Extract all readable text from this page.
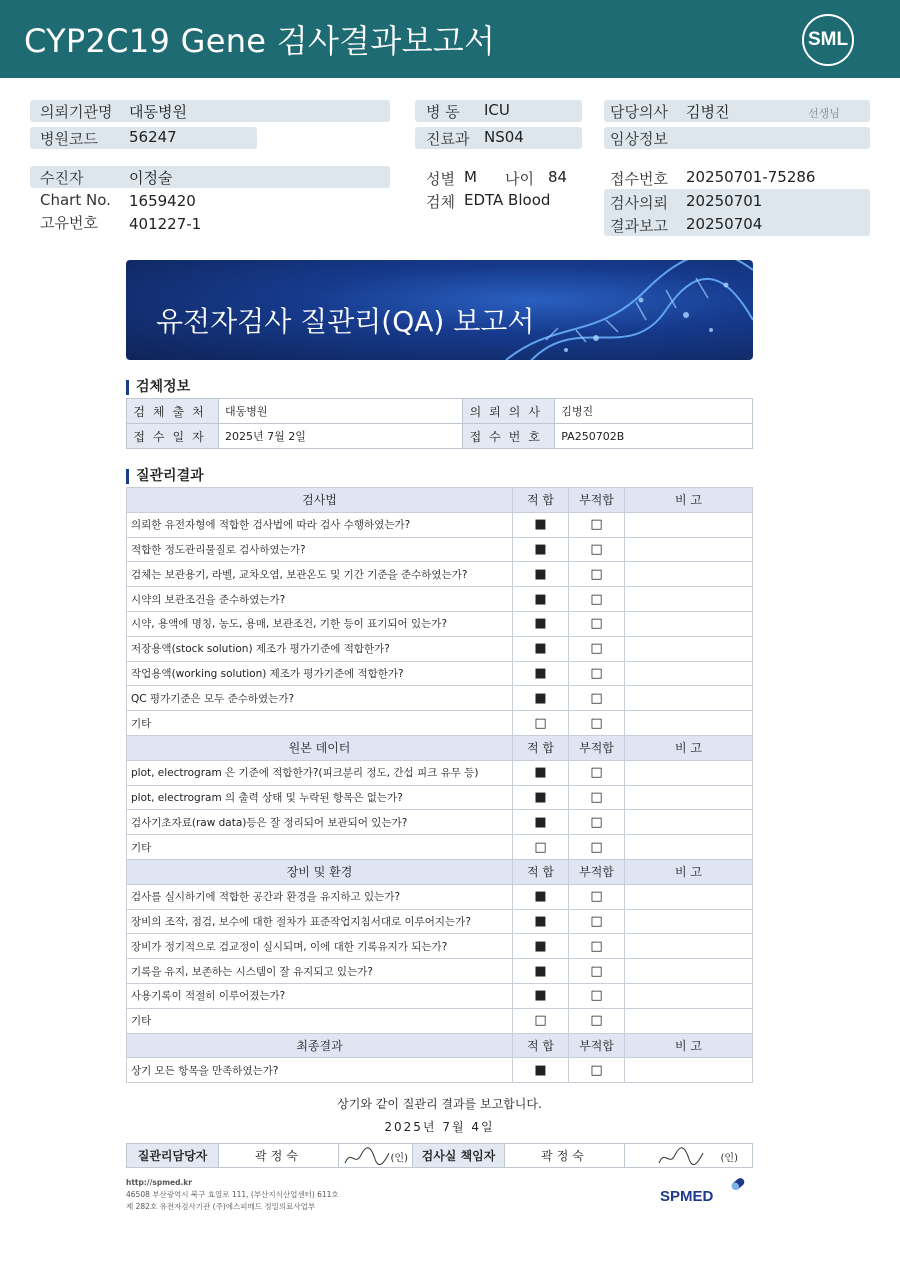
CYP2C19 Gene 검사결과보고서	SML
의뢰기관명 대동병원
병원코드 56247
병 동 ICU
진료과 NS04
담당의사 김병진	선생님
임상정보
수진자	이정술
Chart No. 1659420
고유번호 401227-1
성별 M 나이 84
검체 EDTA Blood
접수번호 20250701-75286
검사의뢰 20250701
결과보고 20250704
유전자검사 질관리(QA) 보고서
검체정보
검체출처	대동병원	의뢰의사	김병진
접수일자	2025년 7월 2일	접수번호	PA250702B
질관리결과
검사법	적 합	부적합	비 고
의뢰한 유전자형에 적합한 검사법에 따라 검사 수행하였는가?	■	□	
적합한 정도관리물질로 검사하였는가?	■	□	
검체는 보관용기, 라벨, 교차오염, 보관온도 및 기간 기준을 준수하였는가?	■	□	
시약의 보관조건을 준수하였는가?	■	□	
시약, 용액에 명칭, 농도, 용매, 보관조건, 기한 등이 표기되어 있는가?	■	□	
저장용액(stock solution) 제조가 평가기준에 적합한가?	■	□	
작업용액(working solution) 제조가 평가기준에 적합한가?	■	□	
QC 평가기준은 모두 준수하였는가?	■	□	
기타	□	□	
원본 데이터	적 합	부적합	비 고
plot, electrogram 은 기준에 적합한가?(피크분리 정도, 간섭 피크 유무 등)	■	□	
plot, electrogram 의 출력 상태 및 누락된 항목은 없는가?	■	□	
검사기초자료(raw data)등은 잘 정리되어 보관되어 있는가?	■	□	
기타	□	□	
장비 및 환경	적 합	부적합	비 고
검사를 실시하기에 적합한 공간과 환경을 유지하고 있는가?	■	□	
장비의 조작, 점검, 보수에 대한 절차가 표준작업지침서대로 이루어지는가?	■	□	
장비가 정기적으로 검교정이 실시되며, 이에 대한 기록유지가 되는가?	■	□	
기록을 유지, 보존하는 시스템이 잘 유지되고 있는가?	■	□	
사용기록이 적절히 이루어졌는가?	■	□	
기타	□	□	
최종결과	적 합	부적합	비 고
상기 모든 항목을 만족하였는가?	■	□	
상기와 같이 질관리 결과를 보고합니다.
2025년 7월 4일
질관리담당자	곽정숙	(인)	검사실 책임자	곽정숙	(인)
http://spmed.kr
46508 부산광역시 북구 효열로 111, (부산지식산업센터) 611호
제 282호 유전자검사기관 (주)에스피메드 정밀의료사업부
SPMED
